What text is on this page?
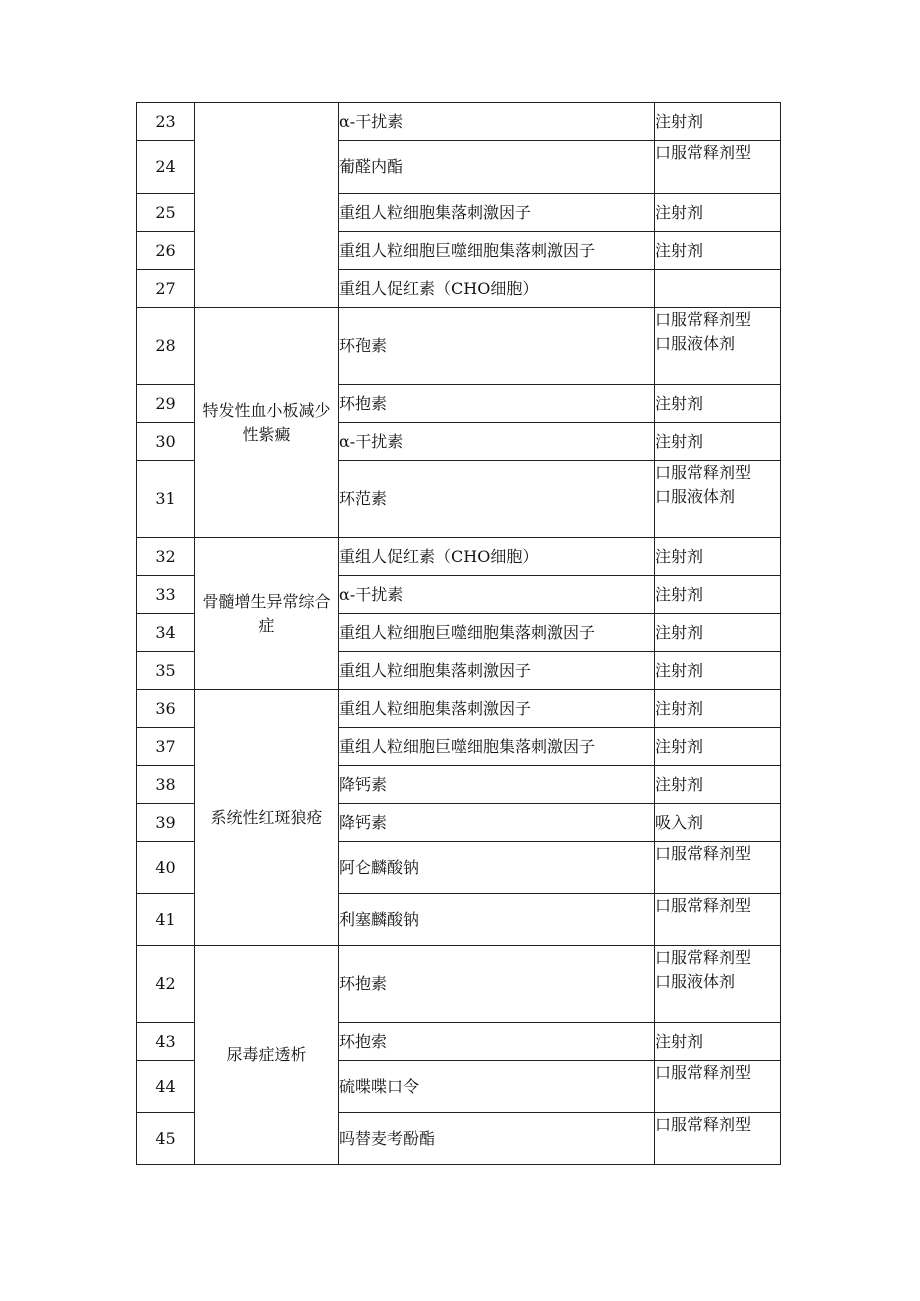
23		α-干扰素	注射剂

24		葡醛内酯	口服常释剂型

25		重组人粒细胞集落刺激因子	注射剂

26		重组人粒细胞巨噬细胞集落刺激因子	注射剂

27		重组人促红素（CHO细胞）	
28	特发性血小板减少性紫癜	环孢素	口服常释剂型
口服液体剂

29		环抱素	注射剂

30		α-干扰素	注射剂

31		环范素	口服常释剂型
口服液体剂

32	骨髓增生异常综合症	重组人促红素（CHO细胞）	注射剂

33		α-干扰素	注射剂

34		重组人粒细胞巨噬细胞集落刺激因子	注射剂

35		重组人粒细胞集落刺激因子	注射剂

36	系统性红斑狼疮	重组人粒细胞集落刺激因子	注射剂

37		重组人粒细胞巨噬细胞集落刺激因子	注射剂

38		降钙素	注射剂

39		降钙素	吸入剂

40		阿仑麟酸钠	口服常释剂型

41		利塞麟酸钠	口服常释剂型

42	尿毒症透析	环抱素	口服常释剂型
口服液体剂

43		环抱索	注射剂

44		硫喋喋口令	口服常释剂型

45		吗替麦考酚酯	口服常释剂型
